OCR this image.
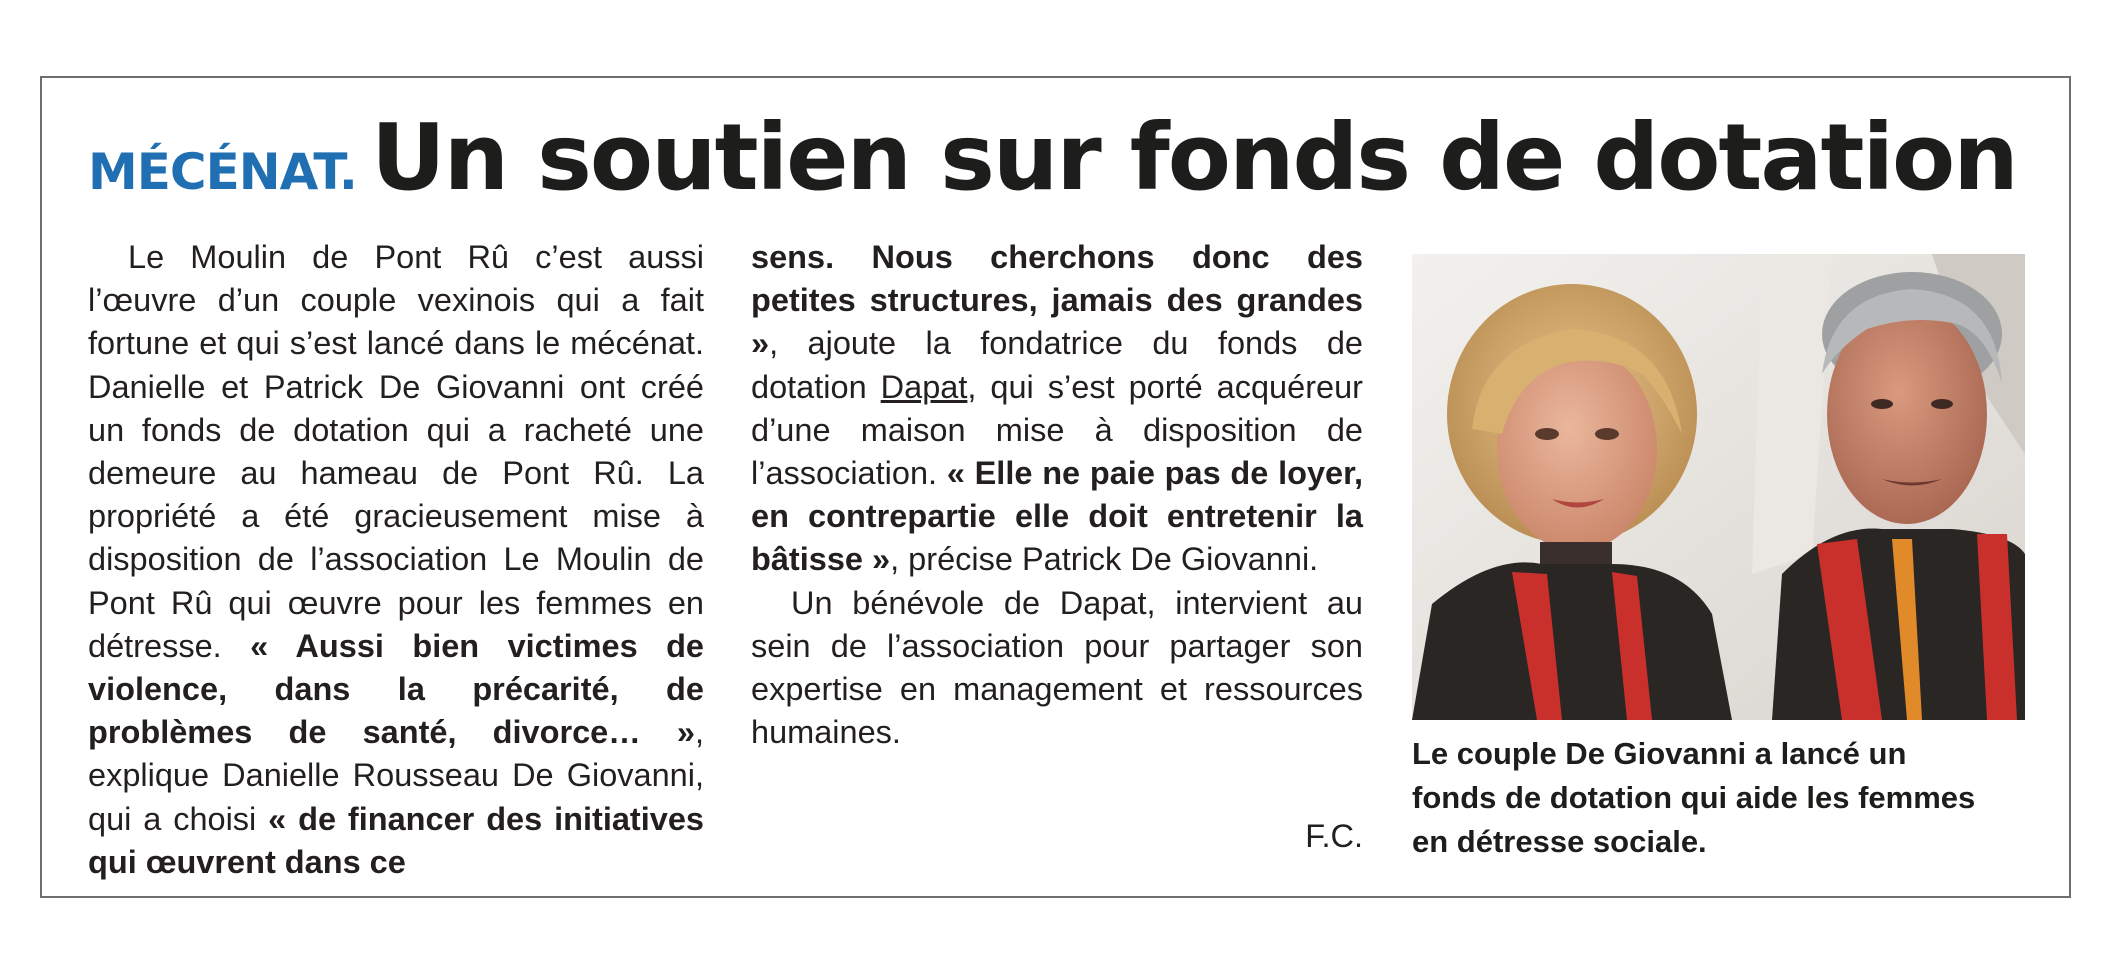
MÉCÉNAT. Un soutien sur fonds de dotation

Le Moulin de Pont Rû c’est aussi l’œuvre d’un couple vexinois qui a fait fortune et qui s’est lancé dans le mécénat. Danielle et Patrick De Giovanni ont créé un fonds de dotation qui a racheté une demeure au hameau de Pont Rû. La propriété a été gracieusement mise à disposition de l’association Le Moulin de Pont Rû qui œuvre pour les femmes en détresse. « Aussi bien victimes de violence, dans la précarité, de problèmes de santé, divorce… », explique Danielle Rousseau De Giovanni, qui a choisi « de financer des initiatives qui œuvrent dans ce

sens. Nous cherchons donc des petites structures, jamais des grandes », ajoute la fondatrice du fonds de dotation Dapat, qui s’est porté acquéreur d’une maison mise à disposition de l’association. « Elle ne paie pas de loyer, en contrepartie elle doit entretenir la bâtisse », précise Patrick De Giovanni.

Un bénévole de Dapat, intervient au sein de l’association pour partager son expertise en management et ressources humaines.

F.C.
Le couple De Giovanni a lancé un
fonds de dotation qui aide les femmes
en détresse sociale.
